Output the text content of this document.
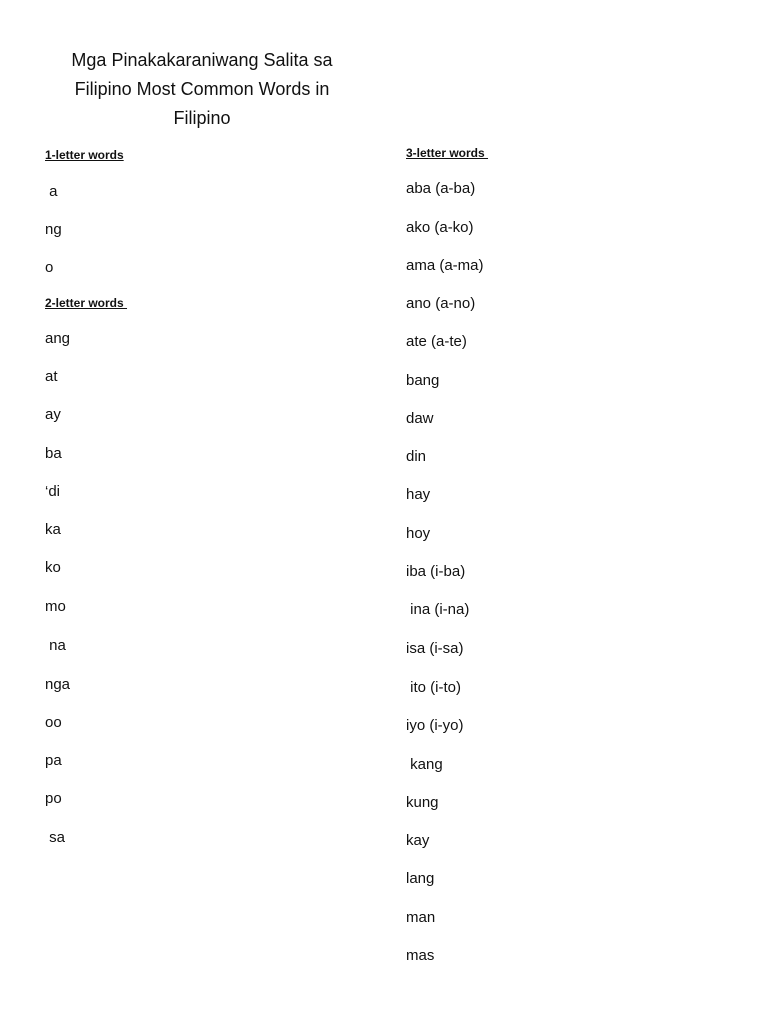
Mga Pinakakaraniwang Salita sa
Filipino Most Common Words in
Filipino
1-letter words
a
ng
o
2-letter words
ang
at
ay
ba
‘di
ka
ko
mo
na
nga
oo
pa
po
sa
3-letter words
aba (a-ba)
ako (a-ko)
ama (a-ma)
ano (a-no)
ate (a-te)
bang
daw
din
hay
hoy
iba (i-ba)
ina (i-na)
isa (i-sa)
ito (i-to)
iyo (i-yo)
kang
kung
kay
lang
man
mas
